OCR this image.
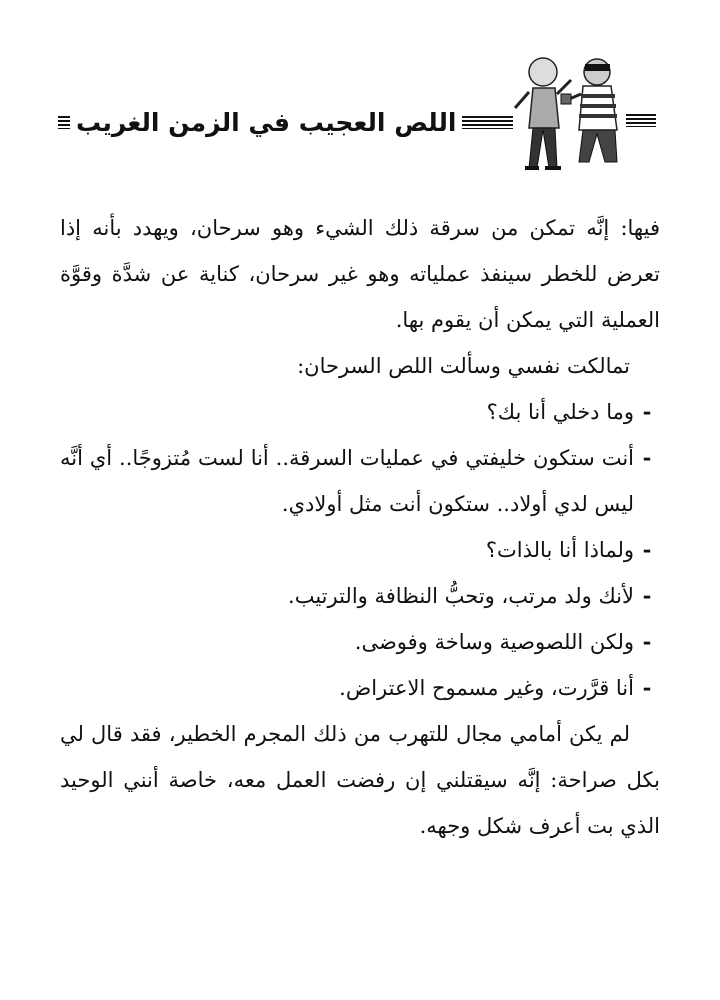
اللص العجيب في الزمن الغريب

فيها: إنَّه تمكن من سرقة ذلك الشيء وهو سرحان، ويهدد بأنه إذا تعرض للخطر سينفذ عملياته وهو غير سرحان، كناية عن شدَّة وقوَّة العملية التي يمكن أن يقوم بها.

تمالكت نفسي وسألت اللص السرحان:

-
وما دخلي أنا بك؟
-
أنت ستكون خليفتي في عمليات السرقة.. أنا لست مُتزوجًا.. أي أنَّه ليس لدي أولاد.. ستكون أنت مثل أولادي.
-
ولماذا أنا بالذات؟
-
لأنك ولد مرتب، وتحبُّ النظافة والترتيب.
-
ولكن اللصوصية وساخة وفوضى.
-
أنا قرَّرت، وغير مسموح الاعتراض.

لم يكن أمامي مجال للتهرب من ذلك المجرم الخطير، فقد قال لي بكل صراحة: إنَّه سيقتلني إن رفضت العمل معه، خاصة أنني الوحيد الذي بت أعرف شكل وجهه.
